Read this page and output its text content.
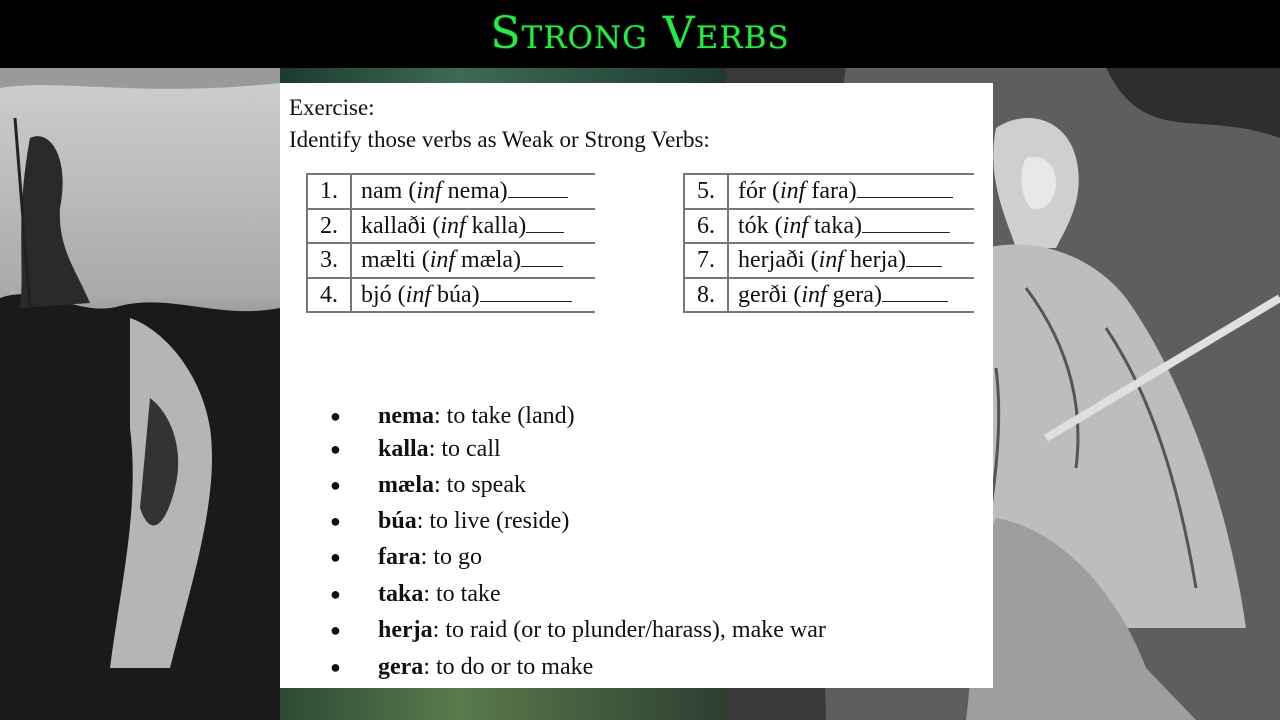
Strong Verbs
Exercise:
Identify those verbs as Weak or Strong Verbs:
1.	nam (inf nema)
2.	kallaði (inf kalla)
3.	mælti (inf mæla)
4.	bjó (inf búa)
5.	fór (inf fara)
6.	tók (inf taka)
7.	herjaði (inf herja)
8.	gerði (inf gera)
● nema: to take (land)
● kalla: to call
● mæla: to speak
● búa: to live (reside)
● fara: to go
● taka: to take
● herja: to raid (or to plunder/harass), make war
● gera: to do or to make
